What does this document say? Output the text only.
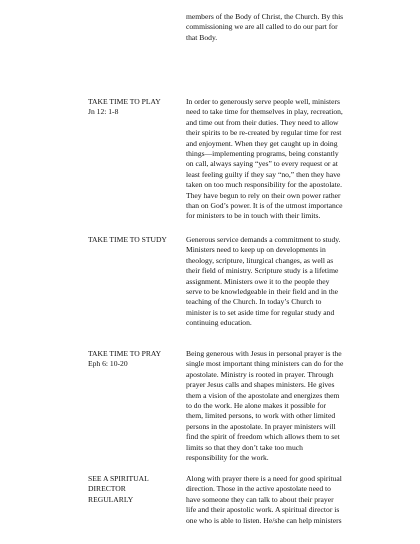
members of the Body of Christ, the Church. By this
commissioning we are all called to do our part for
that Body.
TAKE TIME TO PLAY
Jn 12: 1-8
In order to generously serve people well, ministers
need to take time for themselves in play, recreation,
and time out from their duties. They need to allow
their spirits to be re-created by regular time for rest
and enjoyment. When they get caught up in doing
things—implementing programs, being constantly
on call, always saying “yes” to every request or at
least feeling guilty if they say “no,” then they have
taken on too much responsibility for the apostolate.
They have begun to rely on their own power rather
than on God’s power. It is of the utmost importance
for ministers to be in touch with their limits.
TAKE TIME TO STUDY	Generous service demands a commitment to study.
Ministers need to keep up on developments in
theology, scripture, liturgical changes, as well as
their field of ministry. Scripture study is a lifetime
assignment. Ministers owe it to the people they
serve to be knowledgeable in their field and in the
teaching of the Church. In today’s Church to
minister is to set aside time for regular study and
continuing education.
TAKE TIME TO PRAY
Eph 6: 10-20
Being generous with Jesus in personal prayer is the
single most important thing ministers can do for the
apostolate. Ministry is rooted in prayer. Through
prayer Jesus calls and shapes ministers. He gives
them a vision of the apostolate and energizes them
to do the work. He alone makes it possible for
them, limited persons, to work with other limited
persons in the apostolate. In prayer ministers will
find the spirit of freedom which allows them to set
limits so that they don’t take too much
responsibility for the work.
SEE A SPIRITUAL
DIRECTOR
REGULARLY
Along with prayer there is a need for good spiritual
direction. Those in the active apostolate need to
have someone they can talk to about their prayer
life and their apostolic work. A spiritual director is
one who is able to listen. He/she can help ministers
